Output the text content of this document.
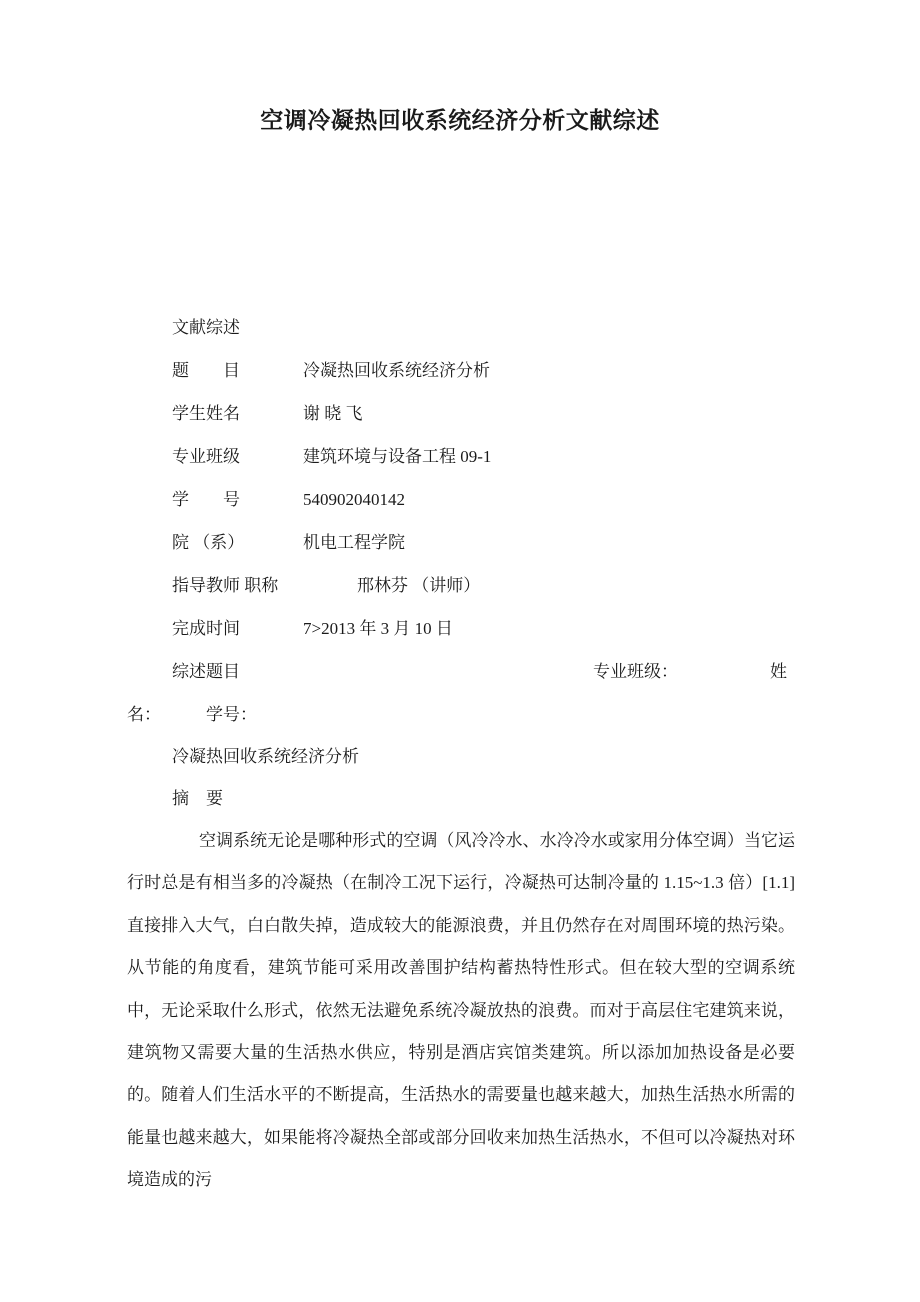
空调冷凝热回收系统经济分析文献综述
文献综述
题　　目	冷凝热回收系统经济分析
学生姓名	谢 晓 飞
专业班级	建筑环境与设备工程 09-1
学　　号	540902040142
院 （系）	机电工程学院
指导教师 职称	邢林芬 （讲师）
完成时间	7>2013 年 3 月 10 日
综述题目	专业班级：	姓
名：	学号：
冷凝热回收系统经济分析
摘　要
空调系统无论是哪种形式的空调（风冷冷水、水冷冷水或家用分体空调）当它运行时总是有相当多的冷凝热（在制冷工况下运行，冷凝热可达制冷量的 1.15~1.3 倍）[1.1]直接排入大气，白白散失掉，造成较大的能源浪费，并且仍然存在对周围环境的热污染。从节能的角度看，建筑节能可采用改善围护结构蓄热特性形式。但在较大型的空调系统中，无论采取什么形式，依然无法避免系统冷凝放热的浪费。而对于高层住宅建筑来说，建筑物又需要大量的生活热水供应，特别是酒店宾馆类建筑。所以添加加热设备是必要的。随着人们生活水平的不断提高，生活热水的需要量也越来越大，加热生活热水所需的能量也越来越大，如果能将冷凝热全部或部分回收来加热生活热水，不但可以冷凝热对环境造成的污
